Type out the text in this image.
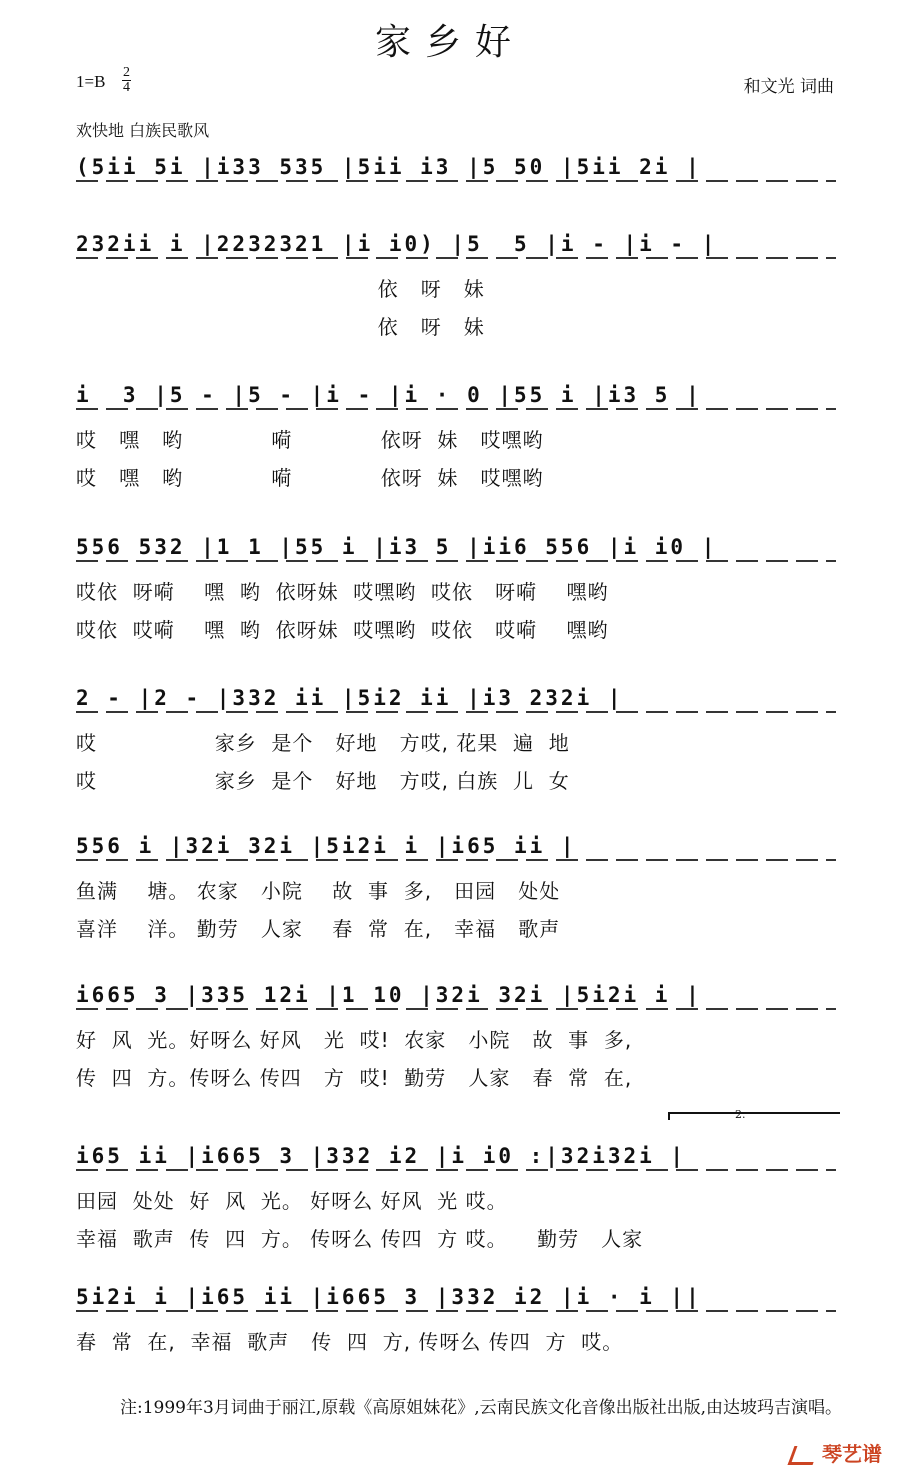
家乡好
1=B 2
4	和文光 词曲
欢快地 白族民歌风
(5ii 5i |i33 535 |5ii i3 |5 50 |5ii 2i |
232ii i |2232321 |i i0) |5  5 |i - |i - |
依   呀   妹
依   呀   妹
i  3 |5 - |5 - |i - |i · 0 |55 i |i3 5 |
哎   嘿   哟            嗬            依呀  妹   哎嘿哟
哎   嘿   哟            嗬            依呀  妹   哎嘿哟
556 532 |1 1 |55 i |i3 5 |ii6 556 |i i0 |
哎依  呀嗬    嘿  哟  依呀妹  哎嘿哟  哎依   呀嗬    嘿哟
哎依  哎嗬    嘿  哟  依呀妹  哎嘿哟  哎依   哎嗬    嘿哟
2 - |2 - |332 ii |5i2 ii |i3 232i |
哎                家乡  是个   好地   方哎, 花果  遍  地
哎                家乡  是个   好地   方哎, 白族  儿  女
556 i |32i 32i |5i2i i |i65 ii |
鱼满    塘。 农家   小院    故  事  多,   田园   处处
喜洋    洋。 勤劳   人家    春  常  在,   幸福   歌声
i665 3 |335 12i |1 10 |32i 32i |5i2i i |
好  风  光。好呀么 好风   光  哎!  农家   小院   故  事  多,
传  四  方。传呀么 传四   方  哎!  勤劳   人家   春  常  在,
i65 ii |i665 3 |332 i2 |i i0 :|32i32i |
田园  处处  好  风  光。 好呀么 好风  光 哎。
幸福  歌声  传  四  方。 传呀么 传四  方 哎。    勤劳   人家
5i2i i |i65 ii |i665 3 |332 i2 |i · i ||
春  常  在,  幸福  歌声   传  四  方, 传呀么 传四  方  哎。
2.
注:1999年3月词曲于丽江,原载《高原姐妹花》,云南民族文化音像出版社出版,由达坡玛吉演唱。
琴艺谱
